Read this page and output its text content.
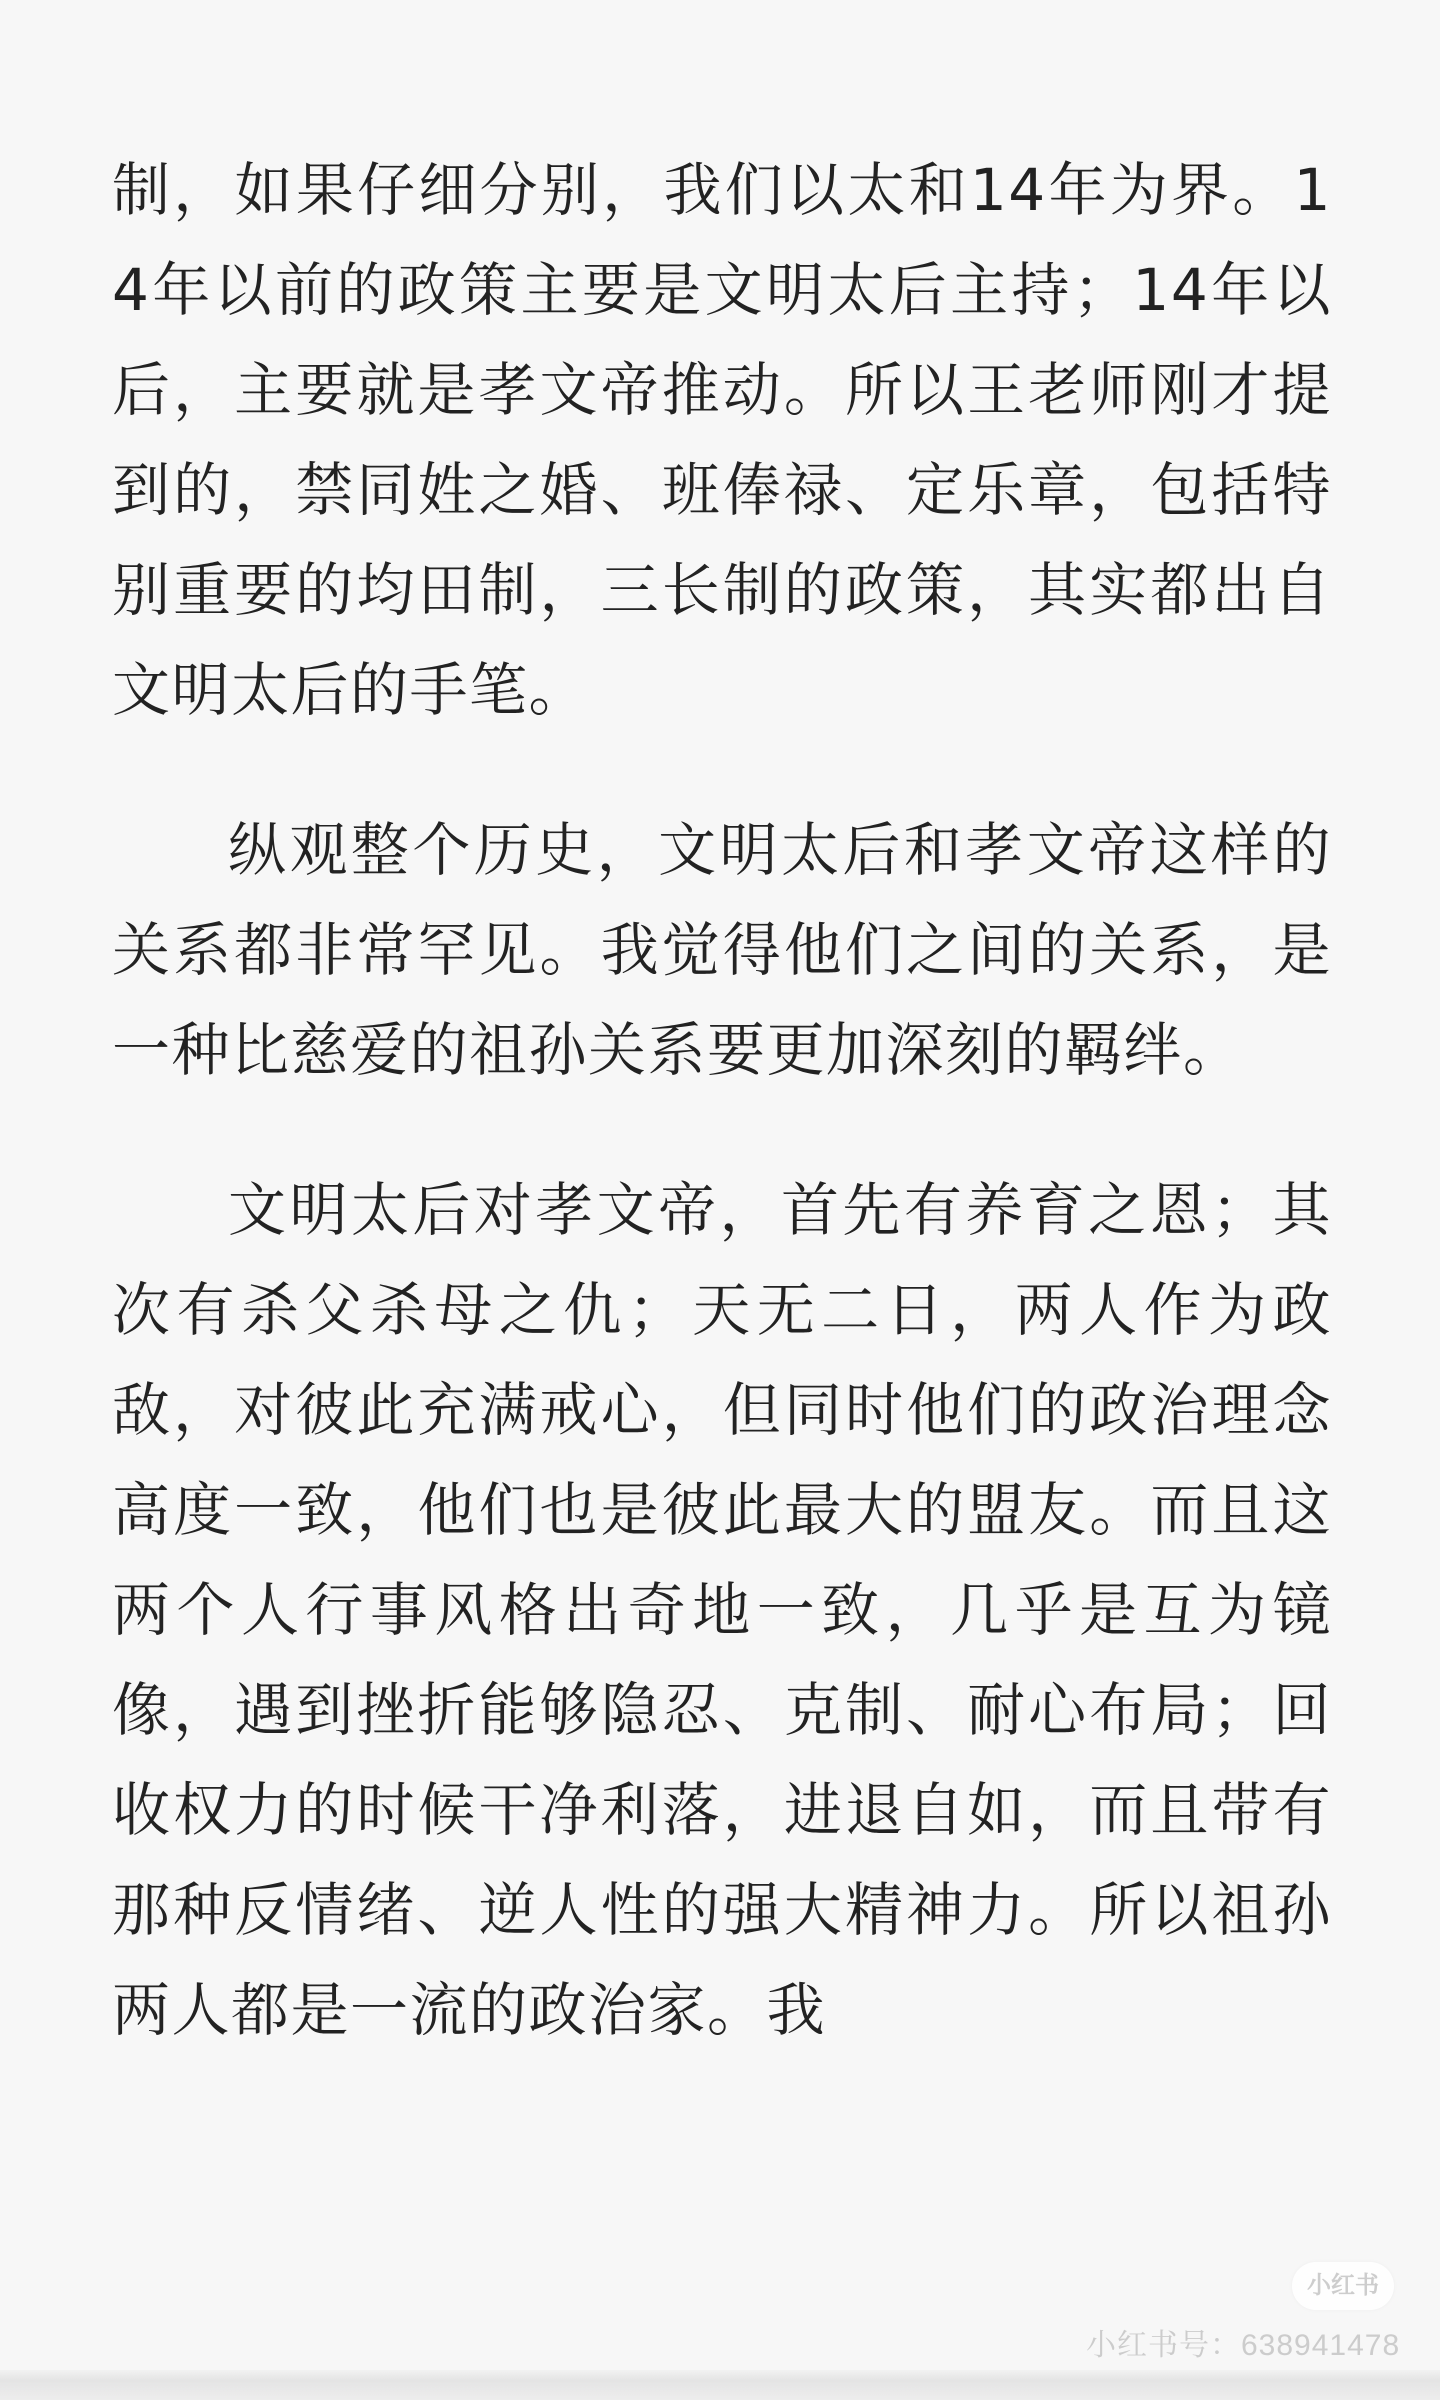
制，如果仔细分别，我们以太和14年为界。14年以前的政策主要是文明太后主持；14年以后，主要就是孝文帝推动。所以王老师刚才提到的，禁同姓之婚、班俸禄、定乐章，包括特别重要的均田制，三长制的政策，其实都出自文明太后的手笔。

纵观整个历史，文明太后和孝文帝这样的关系都非常罕见。我觉得他们之间的关系，是一种比慈爱的祖孙关系要更加深刻的羁绊。

文明太后对孝文帝，首先有养育之恩；其次有杀父杀母之仇；天无二日，两人作为政敌，对彼此充满戒心，但同时他们的政治理念高度一致，他们也是彼此最大的盟友。而且这两个人行事风格出奇地一致，几乎是互为镜像，遇到挫折能够隐忍、克制、耐心布局；回收权力的时候干净利落，进退自如，而且带有那种反情绪、逆人性的强大精神力。所以祖孙两人都是一流的政治家。我

小红书
小红书号：638941478
